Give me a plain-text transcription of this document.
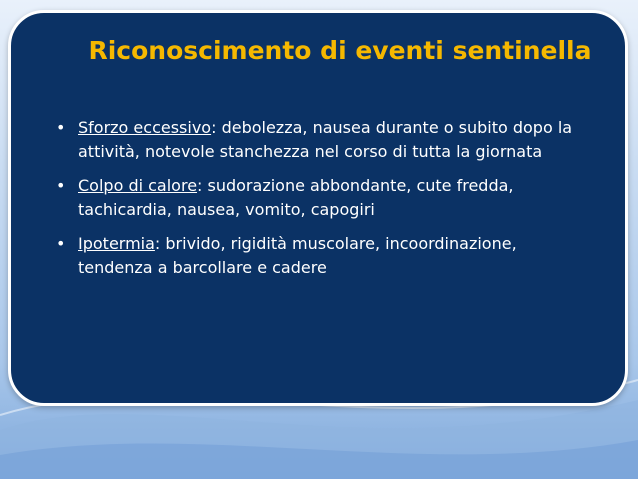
Riconoscimento di eventi sentinella
• Sforzo eccessivo: debolezza, nausea durante o subito dopo la attività, notevole stanchezza nel corso di tutta la giornata
• Colpo di calore: sudorazione abbondante, cute fredda, tachicardia, nausea, vomito, capogiri
• Ipotermia: brivido, rigidità muscolare, incoordinazione, tendenza a barcollare e cadere
